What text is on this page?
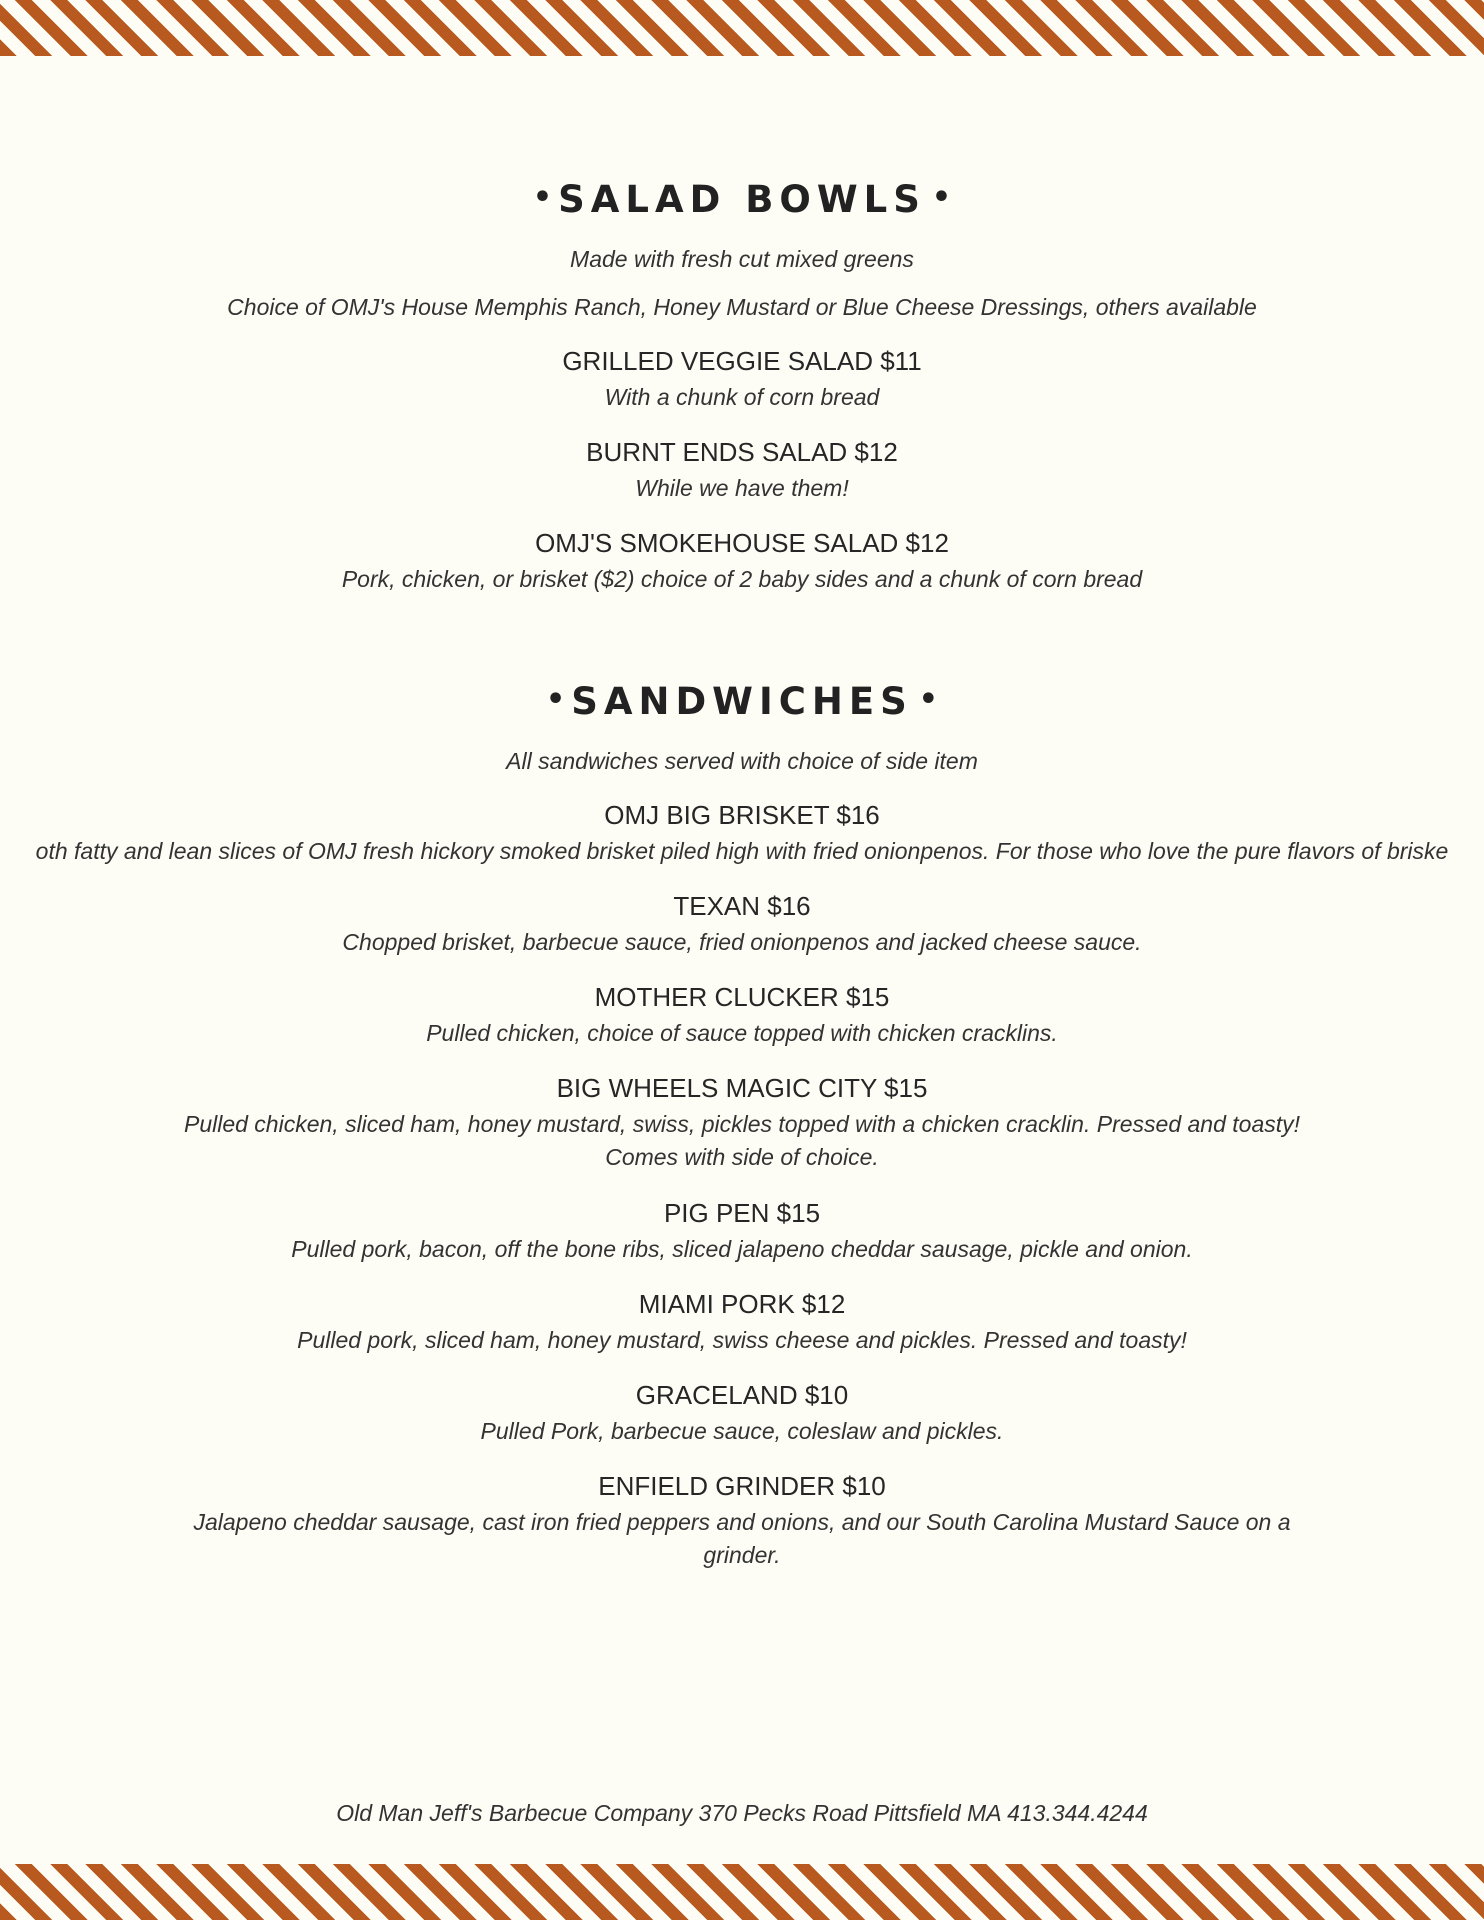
• SALAD BOWLS •
Made with fresh cut mixed greens
Choice of OMJ's House Memphis Ranch, Honey Mustard or Blue Cheese Dressings, others available
GRILLED VEGGIE SALAD $11
With a chunk of corn bread
BURNT ENDS SALAD $12
While we have them!
OMJ'S SMOKEHOUSE SALAD $12
Pork, chicken, or brisket ($2) choice of 2 baby sides and a chunk of corn bread
• SANDWICHES •
All sandwiches served with choice of side item
OMJ BIG BRISKET $16
oth fatty and lean slices of OMJ fresh hickory smoked brisket piled high with fried onionpenos. For those who love the pure flavors of briske
TEXAN $16
Chopped brisket, barbecue sauce, fried onionpenos and jacked cheese sauce.
MOTHER CLUCKER $15
Pulled chicken, choice of sauce topped with chicken cracklins.
BIG WHEELS MAGIC CITY $15
Pulled chicken, sliced ham, honey mustard, swiss, pickles topped with a chicken cracklin. Pressed and toasty! Comes with side of choice.
PIG PEN $15
Pulled pork, bacon, off the bone ribs, sliced jalapeno cheddar sausage, pickle and onion.
MIAMI PORK $12
Pulled pork, sliced ham, honey mustard, swiss cheese and pickles. Pressed and toasty!
GRACELAND $10
Pulled Pork, barbecue sauce, coleslaw and pickles.
ENFIELD GRINDER $10
Jalapeno cheddar sausage, cast iron fried peppers and onions, and our South Carolina Mustard Sauce on a grinder.
Old Man Jeff's Barbecue Company 370 Pecks Road Pittsfield MA 413.344.4244
